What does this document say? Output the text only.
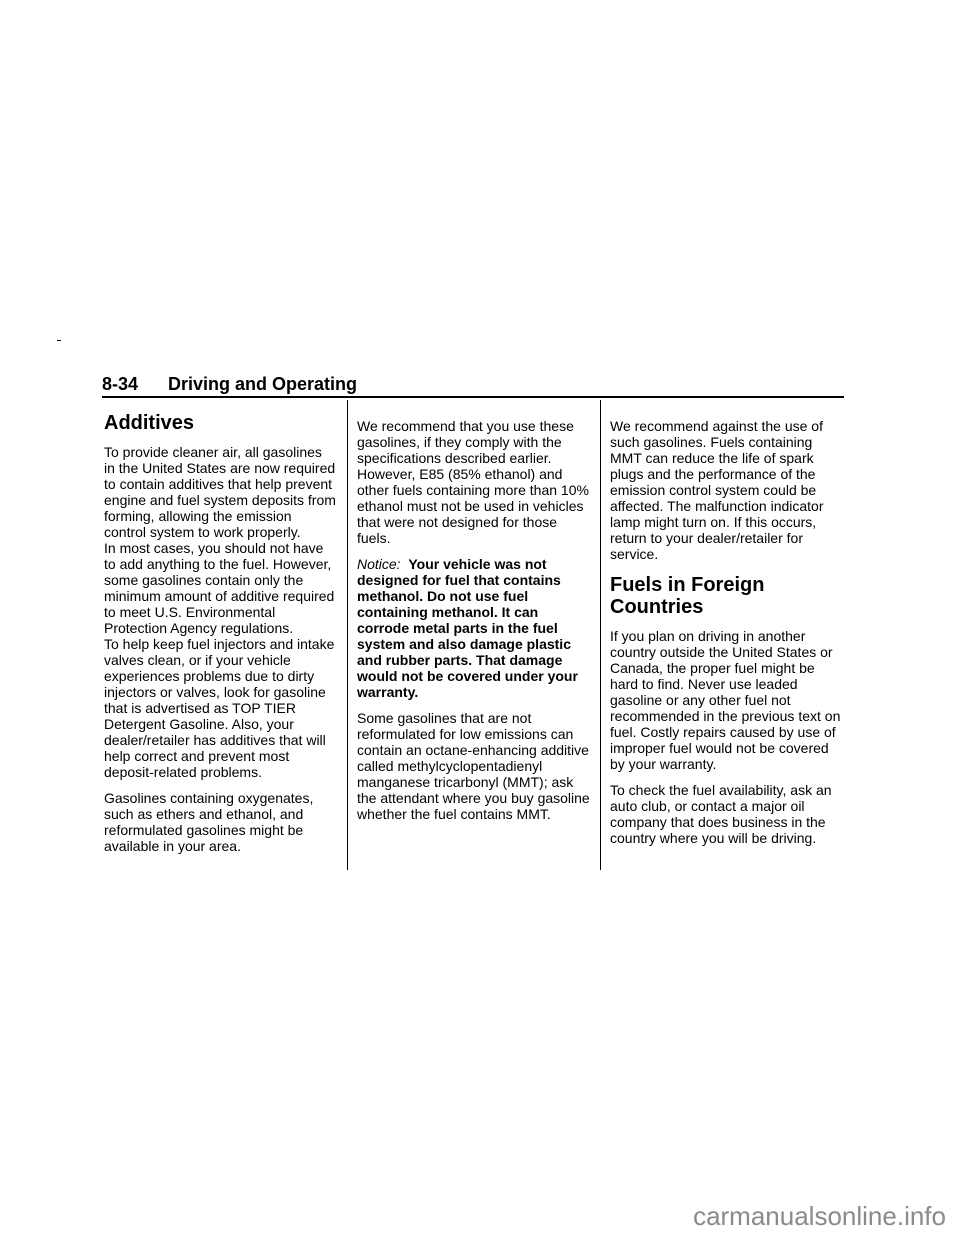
8-34 Driving and Operating
Additives

To provide cleaner air, all gasolines in the United States are now required to contain additives that help prevent engine and fuel system deposits from forming, allowing the emission control system to work properly.

In most cases, you should not have to add anything to the fuel. However, some gasolines contain only the minimum amount of additive required to meet U.S. Environmental Protection Agency regulations.

To help keep fuel injectors and intake valves clean, or if your vehicle experiences problems due to dirty injectors or valves, look for gasoline that is advertised as TOP TIER Detergent Gasoline. Also, your dealer/retailer has additives that will help correct and prevent most deposit-related problems.

Gasolines containing oxygenates, such as ethers and ethanol, and reformulated gasolines might be available in your area.

We recommend that you use these gasolines, if they comply with the specifications described earlier. However, E85 (85% ethanol) and other fuels containing more than 10% ethanol must not be used in vehicles that were not designed for those fuels.

Notice: Your vehicle was not designed for fuel that contains methanol. Do not use fuel containing methanol. It can corrode metal parts in the fuel system and also damage plastic and rubber parts. That damage would not be covered under your warranty.

Some gasolines that are not reformulated for low emissions can contain an octane-enhancing additive called methylcyclopentadienyl manganese tricarbonyl (MMT); ask the attendant where you buy gasoline whether the fuel contains MMT.

We recommend against the use of such gasolines. Fuels containing MMT can reduce the life of spark plugs and the performance of the emission control system could be affected. The malfunction indicator lamp might turn on. If this occurs, return to your dealer/retailer for service.

Fuels in Foreign Countries

If you plan on driving in another country outside the United States or Canada, the proper fuel might be hard to find. Never use leaded gasoline or any other fuel not recommended in the previous text on fuel. Costly repairs caused by use of improper fuel would not be covered by your warranty.

To check the fuel availability, ask an auto club, or contact a major oil company that does business in the country where you will be driving.

carmanualsonline.info
